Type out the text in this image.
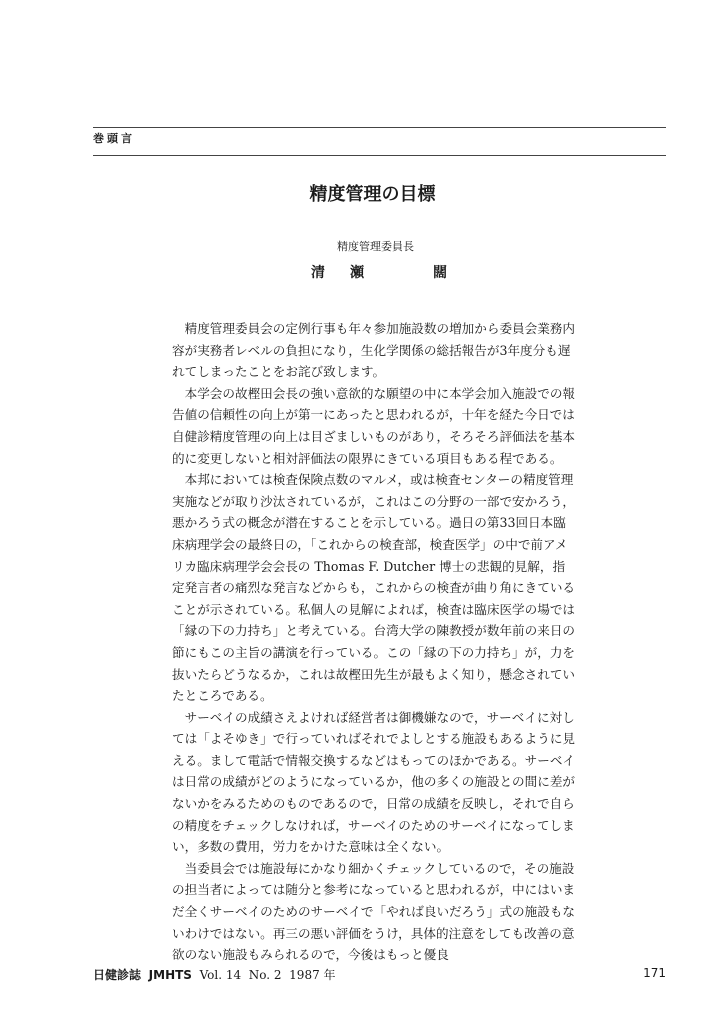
巻頭言
精度管理の目標
精度管理委員長
清 瀬	闊

精度管理委員会の定例行事も年々参加施設数の増加から委員会業務内容が実務者レベルの負担になり，生化学関係の総括報告が3年度分も遅れてしまったことをお詫び致します。

本学会の故樫田会長の強い意欲的な願望の中に本学会加入施設での報告値の信頼性の向上が第一にあったと思われるが，十年を経た今日では自健診精度管理の向上は目ざましいものがあり，そろそろ評価法を基本的に変更しないと相対評価法の限界にきている項目もある程である。

本邦においては検査保険点数のマルメ，或は検査センターの精度管理実施などが取り沙汰されているが，これはこの分野の一部で安かろう，悪かろう式の概念が潜在することを示している。過日の第33回日本臨床病理学会の最終日の，「これからの検査部，検査医学」の中で前アメリカ臨床病理学会会長の Thomas F. Dutcher 博士の悲観的見解，指定発言者の痛烈な発言などからも，これからの検査が曲り角にきていることが示されている。私個人の見解によれば，検査は臨床医学の場では「縁の下の力持ち」と考えている。台湾大学の陳教授が数年前の来日の節にもこの主旨の講演を行っている。この「縁の下の力持ち」が，力を抜いたらどうなるか，これは故樫田先生が最もよく知り，懸念されていたところである。

サーベイの成績さえよければ経営者は御機嫌なので，サーベイに対しては「よそゆき」で行っていればそれでよしとする施設もあるように見える。まして電話で情報交換するなどはもってのほかである。サーベイは日常の成績がどのようになっているか，他の多くの施設との間に差がないかをみるためのものであるので，日常の成績を反映し，それで自らの精度をチェックしなければ，サーベイのためのサーベイになってしまい，多数の費用，労力をかけた意味は全くない。

当委員会では施設毎にかなり細かくチェックしているので，その施設の担当者によっては随分と参考になっていると思われるが，中にはいまだ全くサーベイのためのサーベイで「やれば良いだろう」式の施設もないわけではない。再三の悪い評価をうけ，具体的注意をしても改善の意欲のない施設もみられるので，今後はもっと優良

日健診誌 JMHTS Vol. 14 No. 2 1987 年	171
